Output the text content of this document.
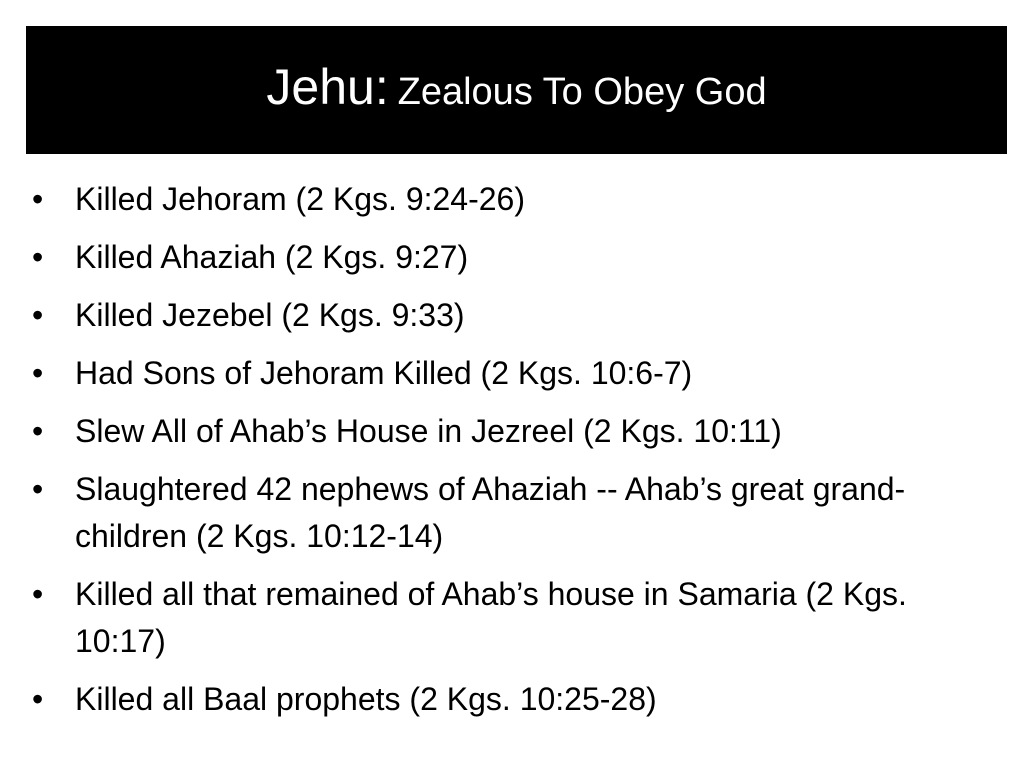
Jehu: Zealous To Obey God
• Killed Jehoram (2 Kgs. 9:24-26)
• Killed Ahaziah (2 Kgs. 9:27)
• Killed Jezebel (2 Kgs. 9:33)
• Had Sons of Jehoram Killed (2 Kgs. 10:6-7)
• Slew All of Ahab’s House in Jezreel (2 Kgs. 10:11)
• Slaughtered 42 nephews of Ahaziah -- Ahab’s great grand-children (2 Kgs. 10:12-14)
• Killed all that remained of Ahab’s house in Samaria (2 Kgs. 10:17)
• Killed all Baal prophets (2 Kgs. 10:25-28)
